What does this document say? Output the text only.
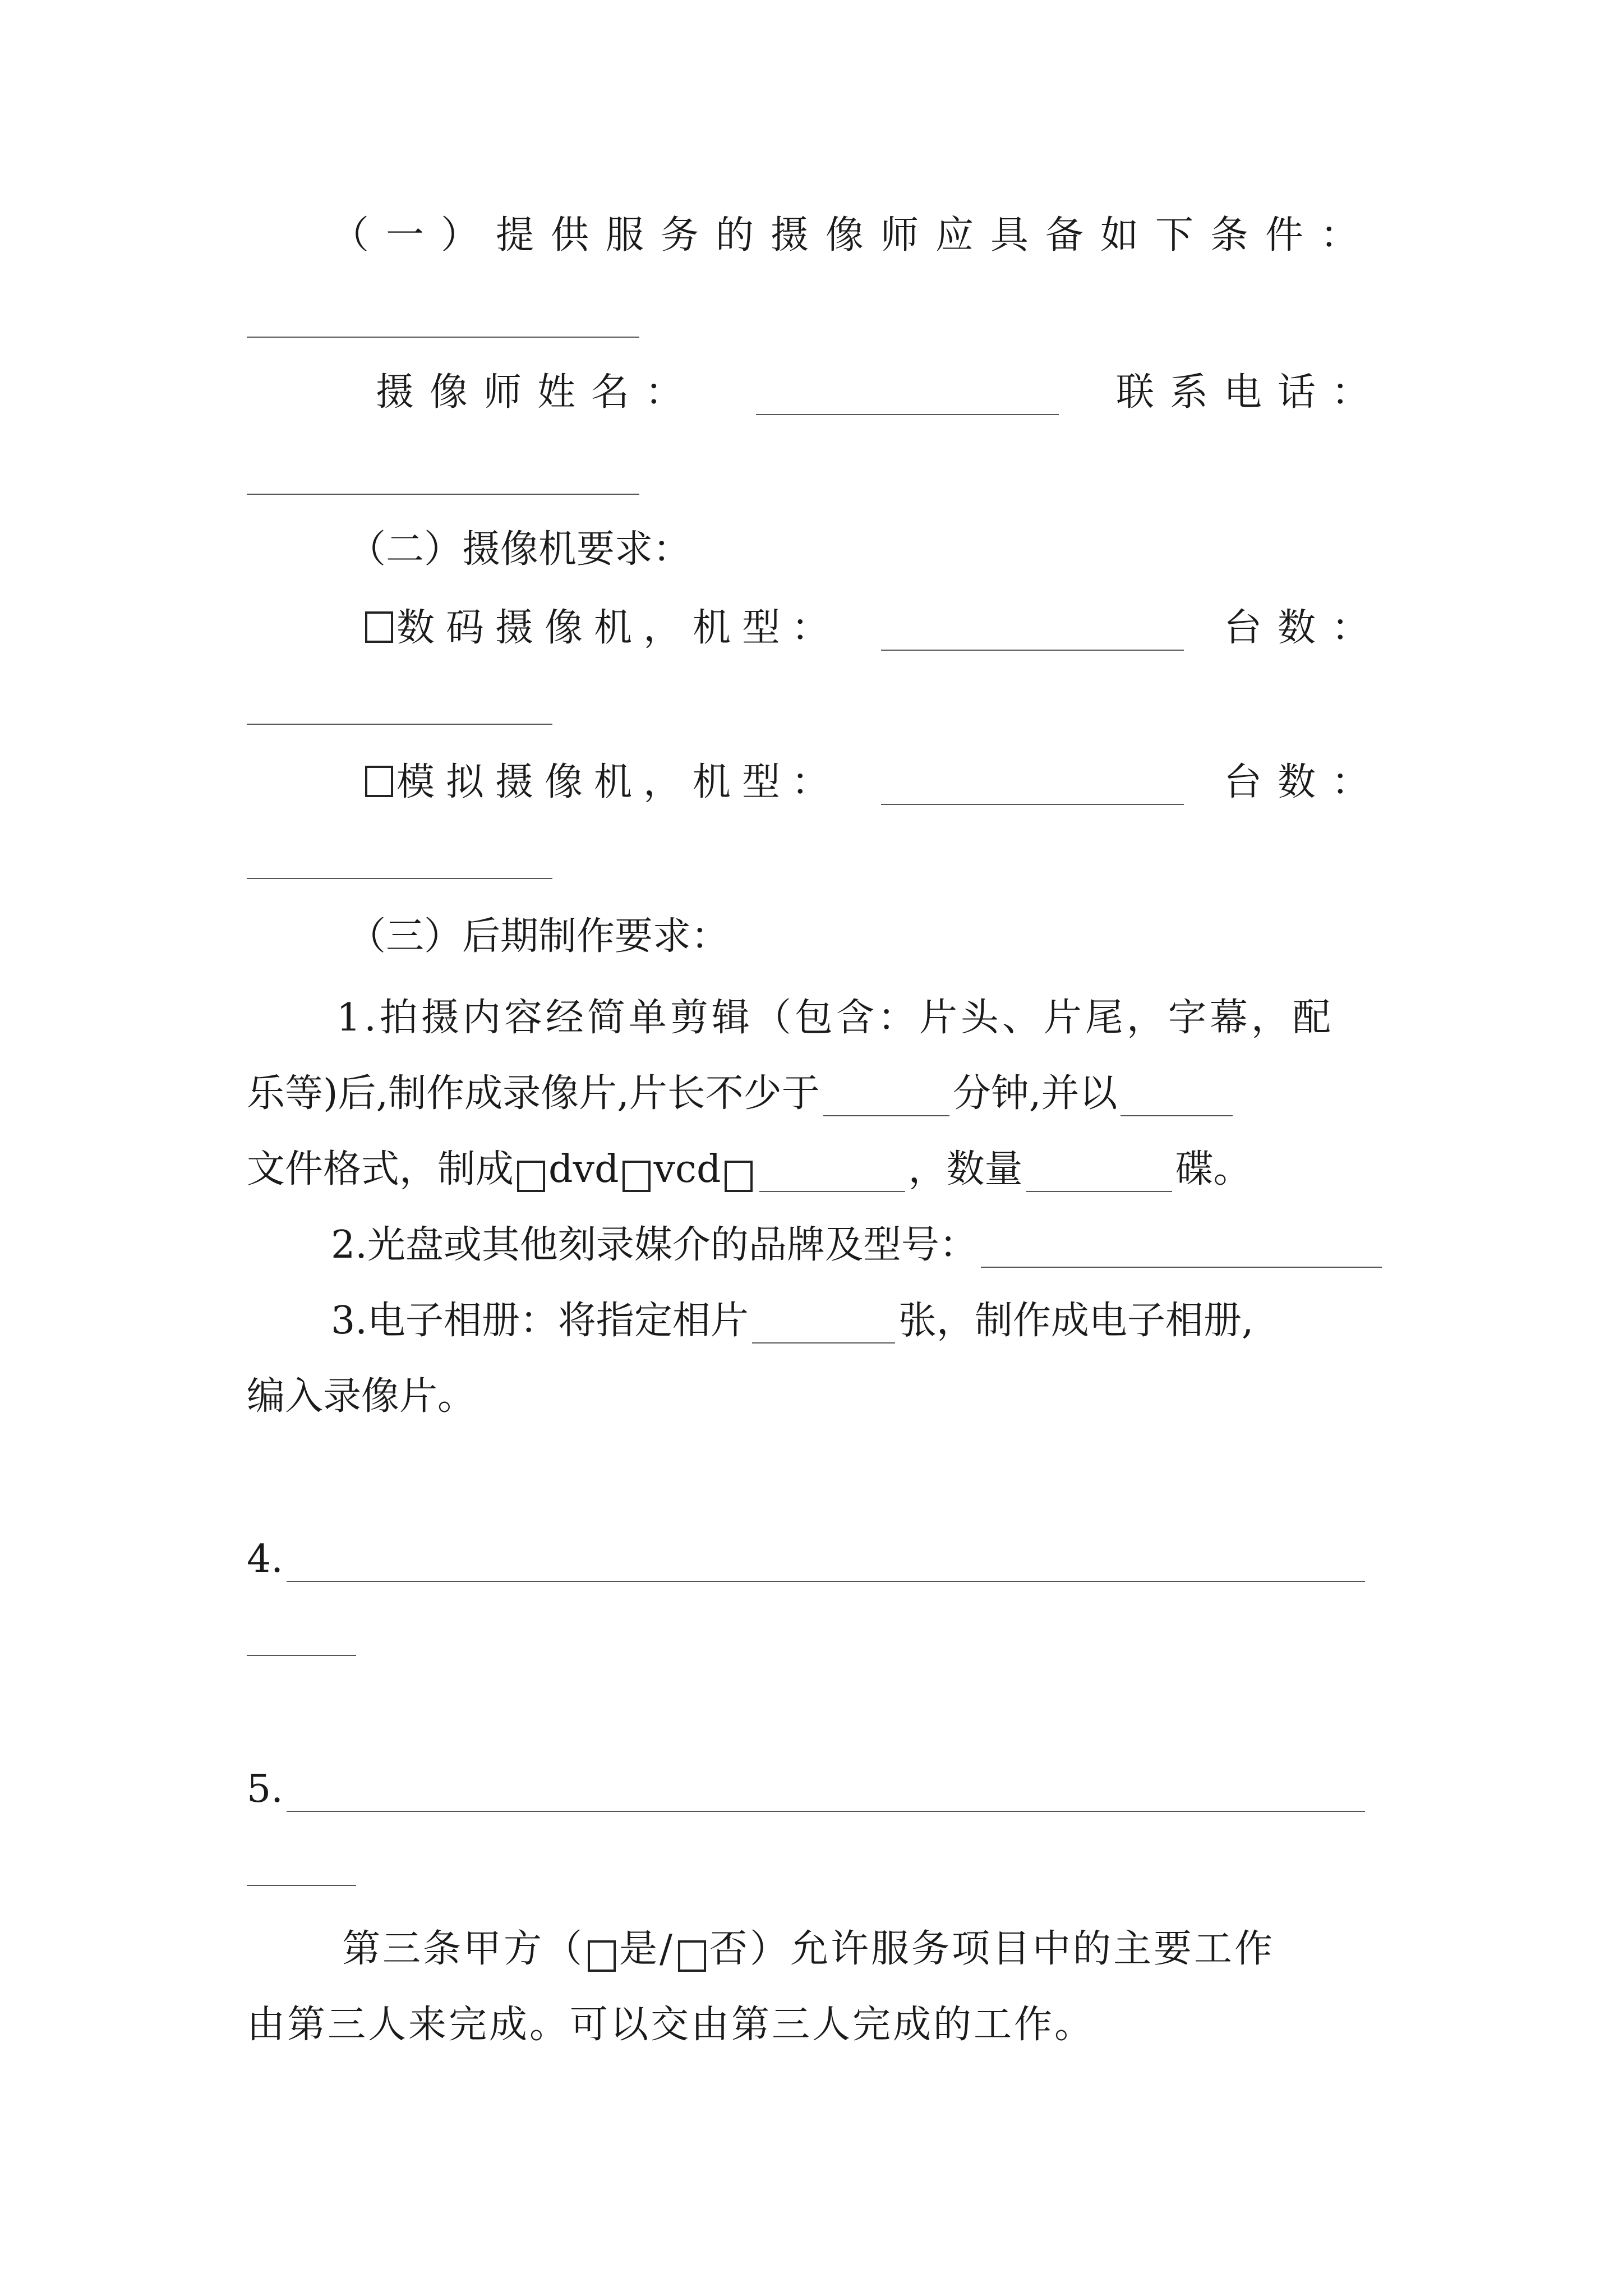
（一）提供服务的摄像师应具备如下条件：
摄像师姓名：	联系电话：
（二）摄像机要求：
数码摄像机，机型：	台数：
模拟摄像机，机型：	台数：
（三）后期制作要求：
1.拍摄内容经简单剪辑（包含：片头、片尾，字幕，配
乐等)后,制作成录像片,片长不少于	分钟,并以
文件格式，制成 dvd vcd	，数量	碟。
2.光盘或其他刻录媒介的品牌及型号：
3.电子相册：将指定相片	张，制作成电子相册,
编入录像片。
4.
5.
第三条甲方（ 是/ 否）允许服务项目中的主要工作
由第三人来完成。可以交由第三人完成的工作。
